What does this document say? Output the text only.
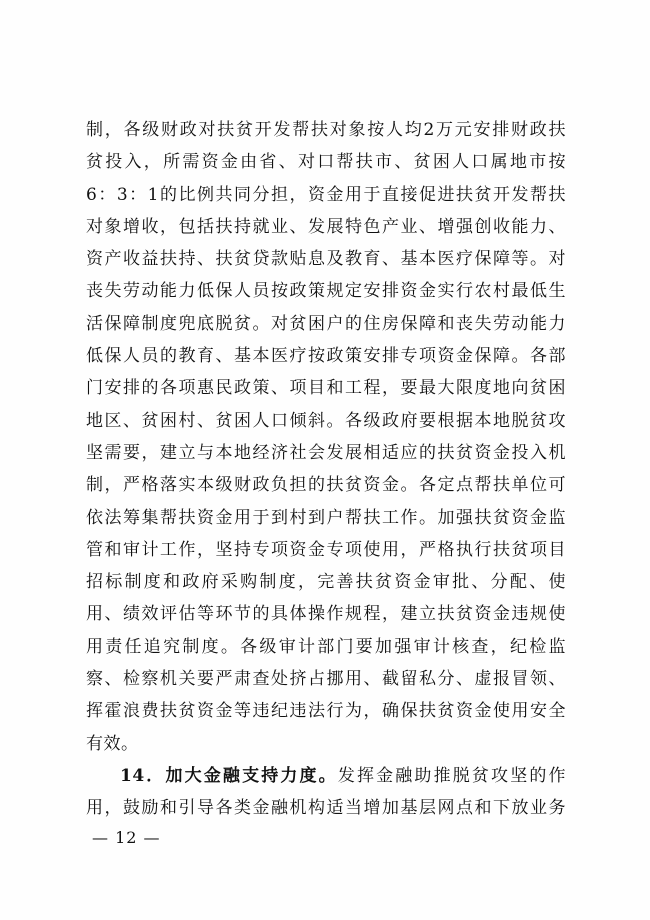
制，各级财政对扶贫开发帮扶对象按人均2万元安排财政扶
贫投入，所需资金由省、对口帮扶市、贫困人口属地市按
6：3：1的比例共同分担，资金用于直接促进扶贫开发帮扶
对象增收，包括扶持就业、发展特色产业、增强创收能力、
资产收益扶持、扶贫贷款贴息及教育、基本医疗保障等。对
丧失劳动能力低保人员按政策规定安排资金实行农村最低生
活保障制度兜底脱贫。对贫困户的住房保障和丧失劳动能力
低保人员的教育、基本医疗按政策安排专项资金保障。各部
门安排的各项惠民政策、项目和工程，要最大限度地向贫困
地区、贫困村、贫困人口倾斜。各级政府要根据本地脱贫攻
坚需要，建立与本地经济社会发展相适应的扶贫资金投入机
制，严格落实本级财政负担的扶贫资金。各定点帮扶单位可
依法筹集帮扶资金用于到村到户帮扶工作。加强扶贫资金监
管和审计工作，坚持专项资金专项使用，严格执行扶贫项目
招标制度和政府采购制度，完善扶贫资金审批、分配、使
用、绩效评估等环节的具体操作规程，建立扶贫资金违规使
用责任追究制度。各级审计部门要加强审计核查，纪检监
察、检察机关要严肃查处挤占挪用、截留私分、虚报冒领、
挥霍浪费扶贫资金等违纪违法行为，确保扶贫资金使用安全
有效。
14．加大金融支持力度。发挥金融助推脱贫攻坚的作
用，鼓励和引导各类金融机构适当增加基层网点和下放业务
— 12 —
